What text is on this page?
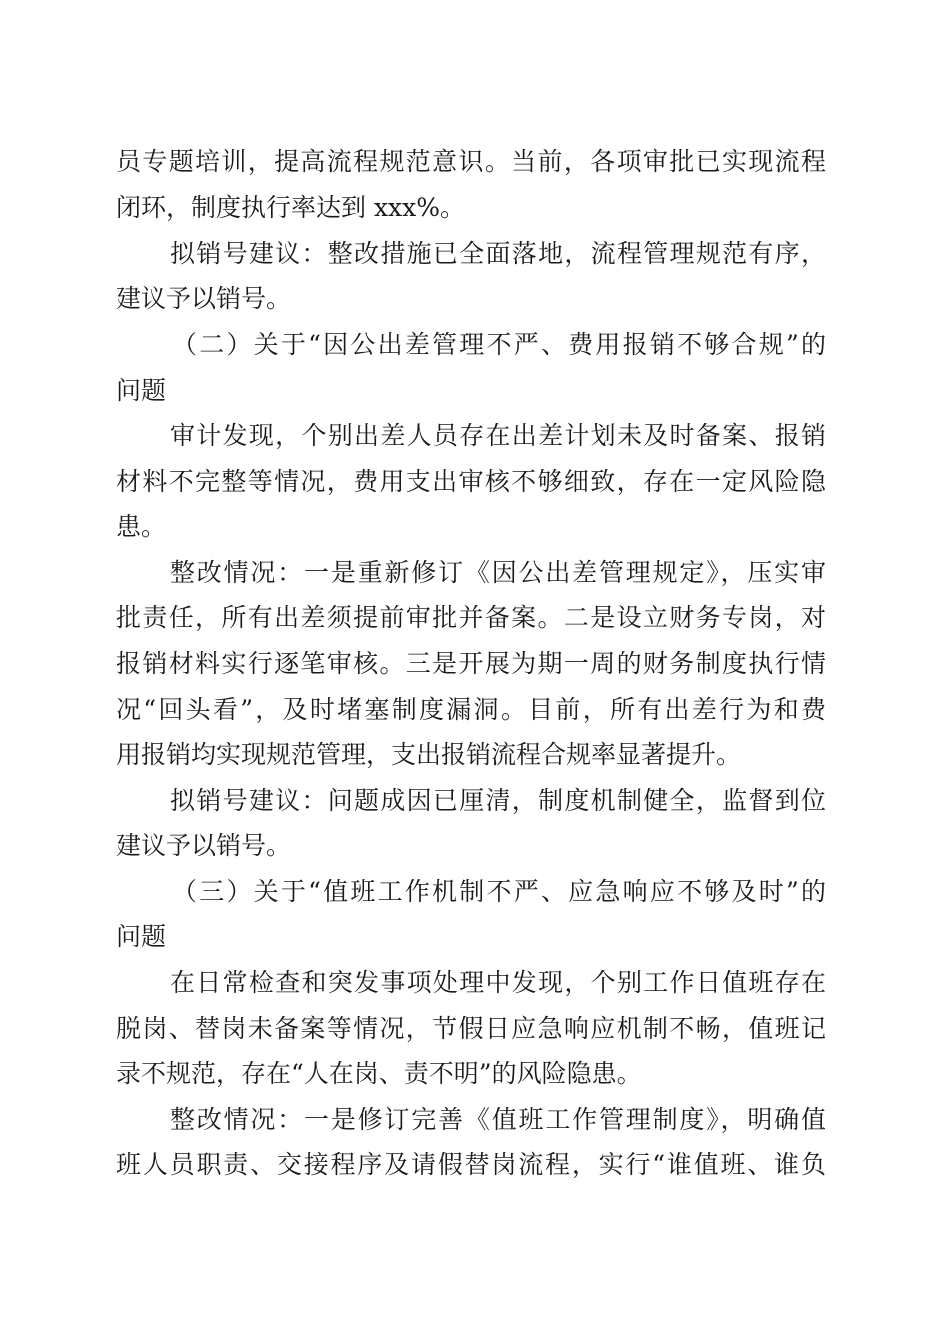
员专题培训，提高流程规范意识。当前，各项审批已实现流程
闭环，制度执行率达到 xxx%。
拟销号建议：整改措施已全面落地，流程管理规范有序，
建议予以销号。
（二）关于“因公出差管理不严、费用报销不够合规”的
问题
审计发现，个别出差人员存在出差计划未及时备案、报销
材料不完整等情况，费用支出审核不够细致，存在一定风险隐
患。
整改情况：一是重新修订《因公出差管理规定》，压实审
批责任，所有出差须提前审批并备案。二是设立财务专岗，对
报销材料实行逐笔审核。三是开展为期一周的财务制度执行情
况“回头看”，及时堵塞制度漏洞。目前，所有出差行为和费
用报销均实现规范管理，支出报销流程合规率显著提升。
拟销号建议：问题成因已厘清，制度机制健全，监督到位
建议予以销号。
（三）关于“值班工作机制不严、应急响应不够及时”的
问题
在日常检查和突发事项处理中发现，个别工作日值班存在
脱岗、替岗未备案等情况，节假日应急响应机制不畅，值班记
录不规范，存在“人在岗、责不明”的风险隐患。
整改情况：一是修订完善《值班工作管理制度》，明确值
班人员职责、交接程序及请假替岗流程，实行“谁值班、谁负
